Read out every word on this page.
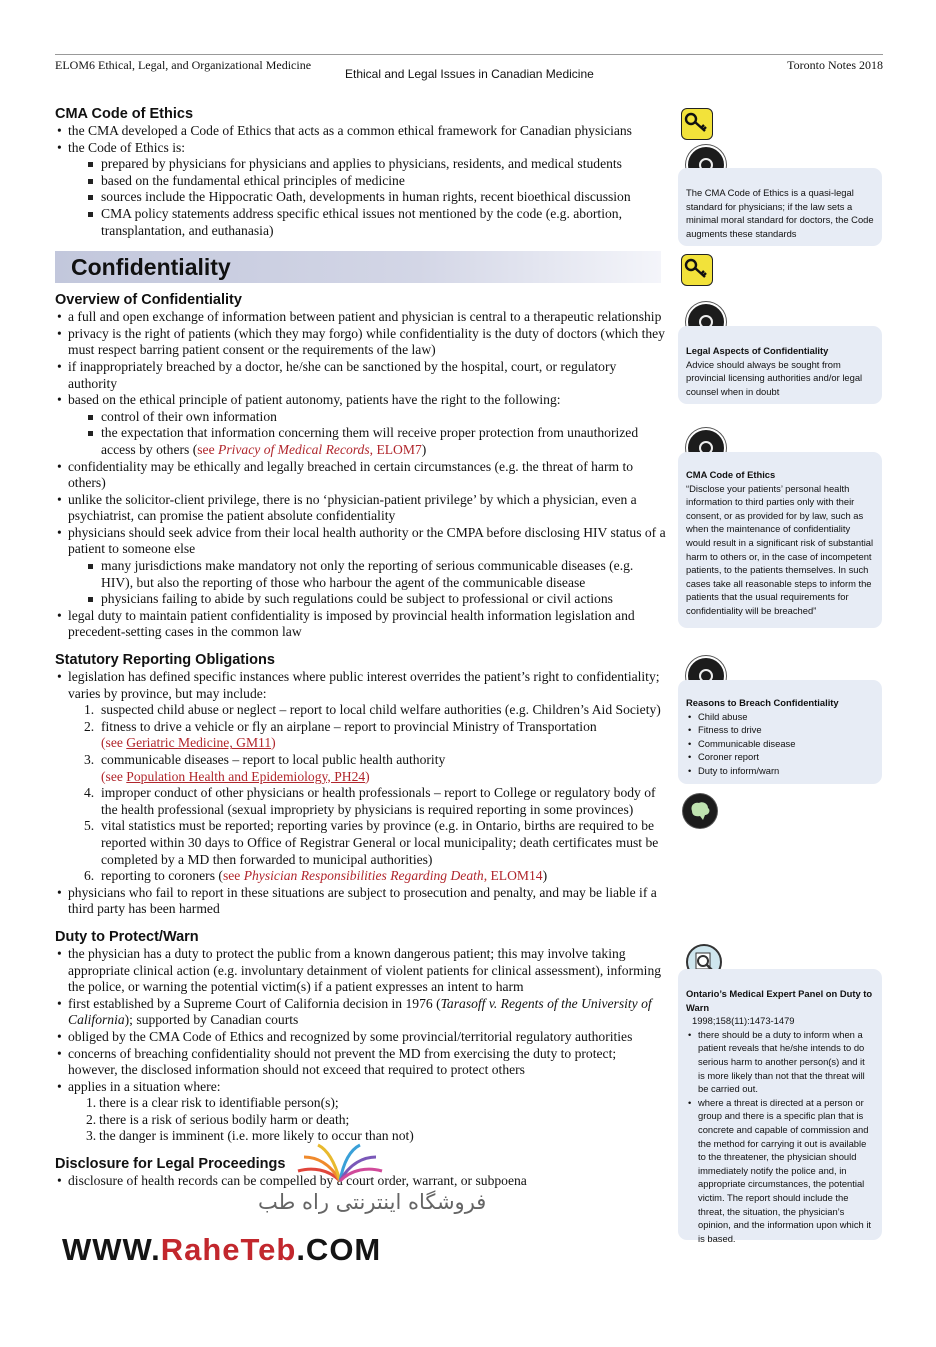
ELOM6 Ethical, Legal, and Organizational Medicine
Ethical and Legal Issues in Canadian Medicine
Toronto Notes 2018
CMA Code of Ethics
• the CMA developed a Code of Ethics that acts as a common ethical framework for Canadian physicians
• the Code of Ethics is:
prepared by physicians for physicians and applies to physicians, residents, and medical students
based on the fundamental ethical principles of medicine
sources include the Hippocratic Oath, developments in human rights, recent bioethical discussion
CMA policy statements address specific ethical issues not mentioned by the code (e.g. abortion, transplantation, and euthanasia)
Confidentiality
Overview of Confidentiality
• a full and open exchange of information between patient and physician is central to a therapeutic relationship
• privacy is the right of patients (which they may forgo) while confidentiality is the duty of doctors (which they must respect barring patient consent or the requirements of the law)
• if inappropriately breached by a doctor, he/she can be sanctioned by the hospital, court, or regulatory authority
• based on the ethical principle of patient autonomy, patients have the right to the following:
control of their own information
the expectation that information concerning them will receive proper protection from unauthorized access by others (see Privacy of Medical Records, ELOM7)
• confidentiality may be ethically and legally breached in certain circumstances (e.g. the threat of harm to others)
• unlike the solicitor-client privilege, there is no ‘physician-patient privilege’ by which a physician, even a psychiatrist, can promise the patient absolute confidentiality
• physicians should seek advice from their local health authority or the CMPA before disclosing HIV status of a patient to someone else
many jurisdictions make mandatory not only the reporting of serious communicable diseases (e.g. HIV), but also the reporting of those who harbour the agent of the communicable disease
physicians failing to abide by such regulations could be subject to professional or civil actions
• legal duty to maintain patient confidentiality is imposed by provincial health information legislation and precedent-setting cases in the common law
Statutory Reporting Obligations
• legislation has defined specific instances where public interest overrides the patient’s right to confidentiality; varies by province, but may include:
1. suspected child abuse or neglect – report to local child welfare authorities (e.g. Children’s Aid Society)
2. fitness to drive a vehicle or fly an airplane – report to provincial Ministry of Transportation
(see Geriatric Medicine, GM11)
3. communicable diseases – report to local public health authority
(see Population Health and Epidemiology, PH24)
4. improper conduct of other physicians or health professionals – report to College or regulatory body of the health professional (sexual impropriety by physicians is required reporting in some provinces)
5. vital statistics must be reported; reporting varies by province (e.g. in Ontario, births are required to be reported within 30 days to Office of Registrar General or local municipality; death certificates must be completed by a MD then forwarded to municipal authorities)
6. reporting to coroners (see Physician Responsibilities Regarding Death, ELOM14)
• physicians who fail to report in these situations are subject to prosecution and penalty, and may be liable if a third party has been harmed
Duty to Protect/Warn
• the physician has a duty to protect the public from a known dangerous patient; this may involve taking appropriate clinical action (e.g. involuntary detainment of violent patients for clinical assessment), informing the police, or warning the potential victim(s) if a patient expresses an intent to harm
• first established by a Supreme Court of California decision in 1976 (Tarasoff v. Regents of the University of California); supported by Canadian courts
• obliged by the CMA Code of Ethics and recognized by some provincial/territorial regulatory authorities
• concerns of breaching confidentiality should not prevent the MD from exercising the duty to protect; however, the disclosed information should not exceed that required to protect others
• applies in a situation where:
1. there is a clear risk to identifiable person(s);
2. there is a risk of serious bodily harm or death;
3. the danger is imminent (i.e. more likely to occur than not)
Disclosure for Legal Proceedings
• disclosure of health records can be compelled by a court order, warrant, or subpoena
The CMA Code of Ethics is a quasi-legal standard for physicians; if the law sets a minimal moral standard for doctors, the Code augments these standards
Legal Aspects of Confidentiality
Advice should always be sought from provincial licensing authorities and/or legal counsel when in doubt
CMA Code of Ethics
“Disclose your patients’ personal health information to third parties only with their consent, or as provided for by law, such as when the maintenance of confidentiality would result in a significant risk of substantial harm to others or, in the case of incompetent patients, to the patients themselves. In such cases take all reasonable steps to inform the patients that the usual requirements for confidentiality will be breached”
Reasons to Breach Confidentiality
• Child abuse
• Fitness to drive
• Communicable disease
• Coroner report
• Duty to inform/warn
Ontario’s Medical Expert Panel on Duty to Warn
1998;158(11):1473-1479
• there should be a duty to inform when a patient reveals that he/she intends to do serious harm to another person(s) and it is more likely than not that the threat will be carried out.
• where a threat is directed at a person or group and there is a specific plan that is concrete and capable of commission and the method for carrying it out is available to the threatener, the physician should immediately notify the police and, in appropriate circumstances, the potential victim. The report should include the threat, the situation, the physician’s opinion, and the information upon which it is based.
فروشگاه اینترنتی راه طب
WWW.RaheTeb.COM
